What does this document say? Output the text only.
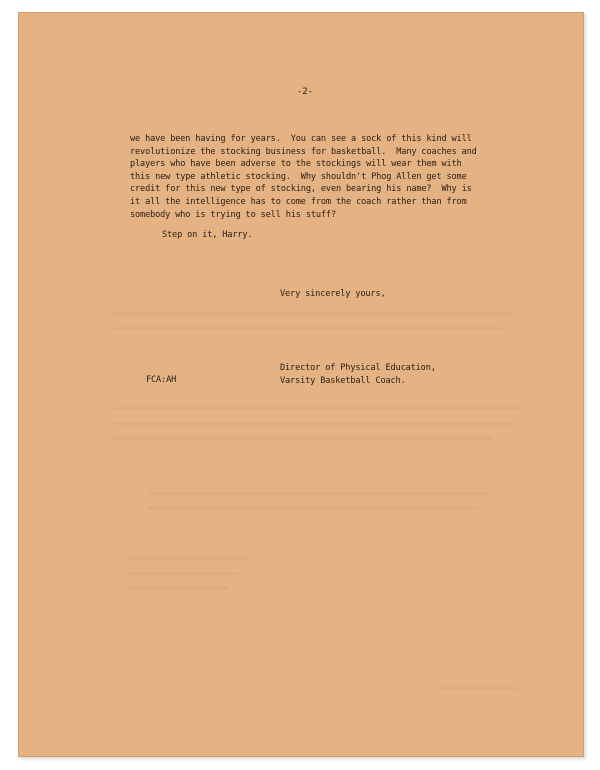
-2-
we have been having for years.  You can see a sock of this kind will
revolutionize the stocking business for basketball.  Many coaches and
players who have been adverse to the stockings will wear them with
this new type athletic stocking.  Why shouldn't Phog Allen get some
credit for this new type of stocking, even bearing his name?  Why is
it all the intelligence has to come from the coach rather than from
somebody who is trying to sell his stuff?
Step on it, Harry.
Very sincerely yours,
Director of Physical Education,
Varsity Basketball Coach.
FCA:AH
